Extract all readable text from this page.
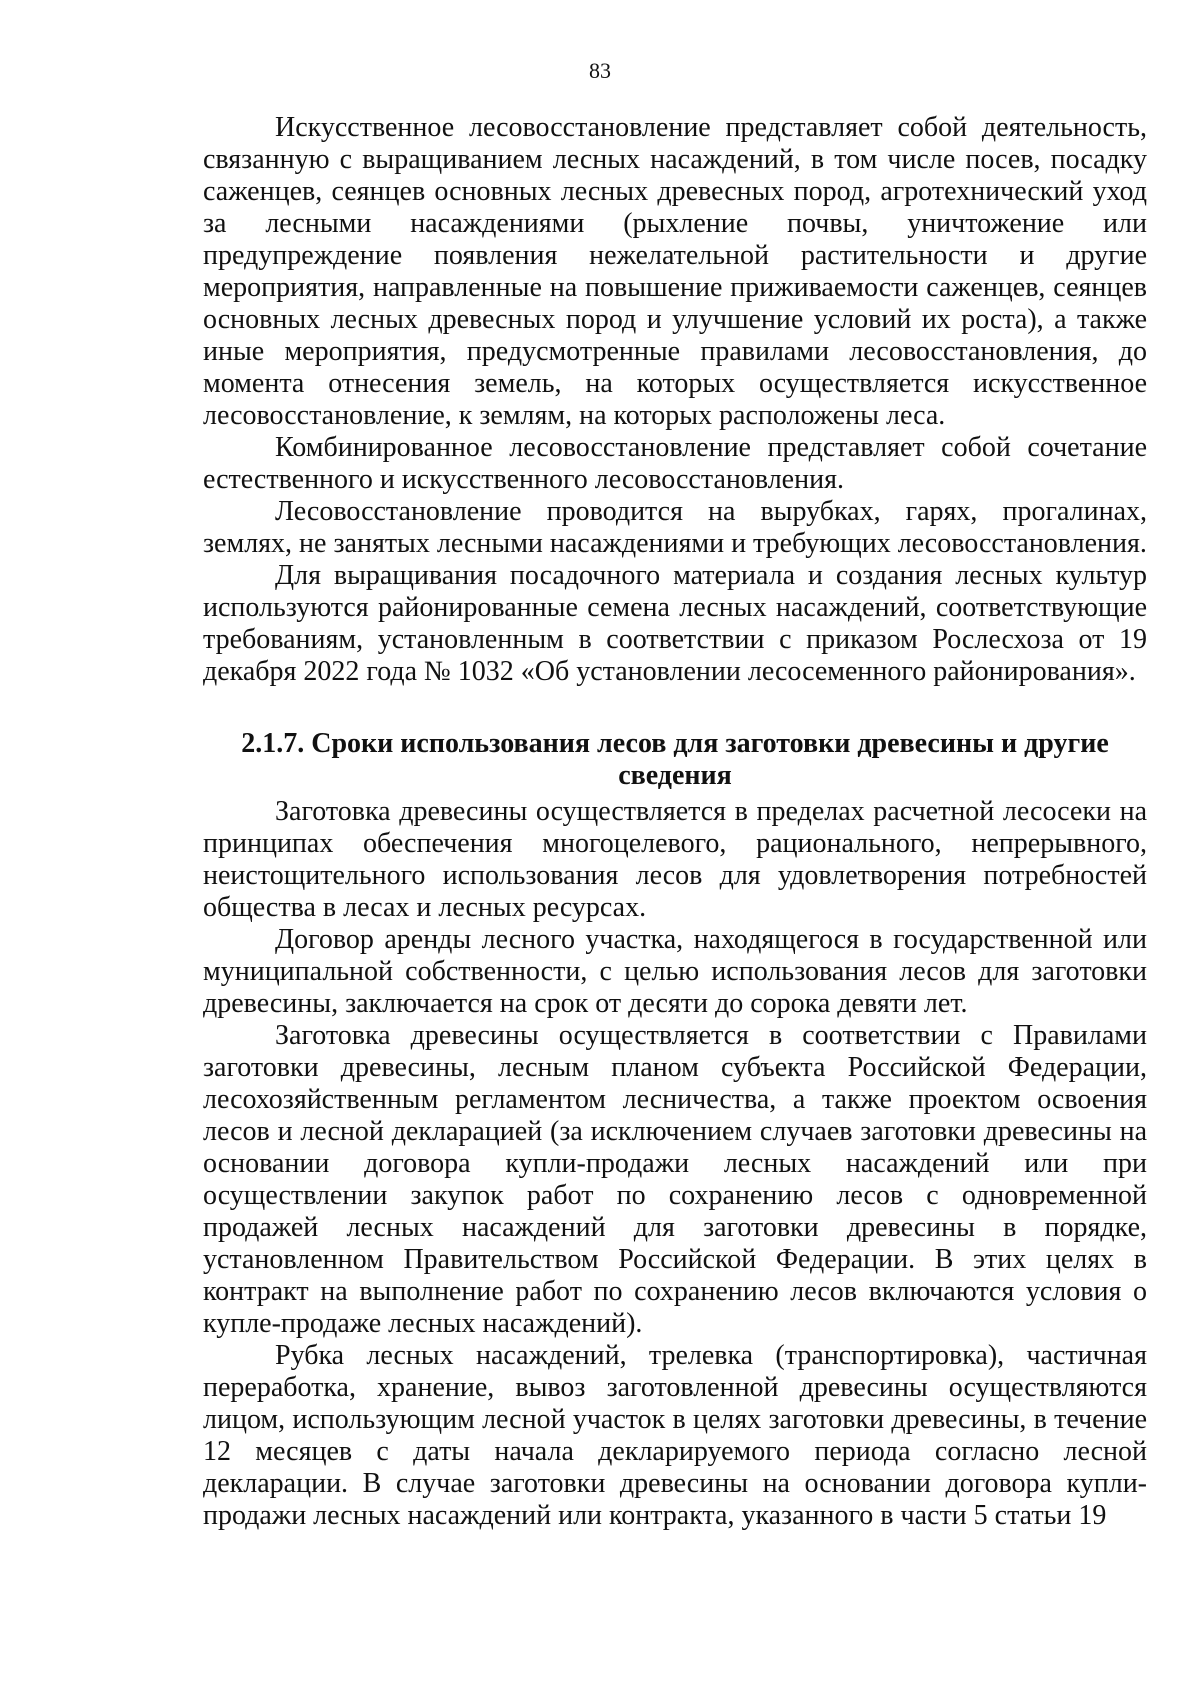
83

Искусственное лесовосстановление представляет собой деятельность, связанную с выращиванием лесных насаждений, в том числе посев, посадку саженцев, сеянцев основных лесных древесных пород, агротехнический уход за лесными насаждениями (рыхление почвы, уничтожение или предупреждение появления нежелательной растительности и другие мероприятия, направленные на повышение приживаемости саженцев, сеянцев основных лесных древесных пород и улучшение условий их роста), а также иные мероприятия, предусмотренные правилами лесовосстановления, до момента отнесения земель, на которых осуществляется искусственное лесовосстановление, к землям, на которых расположены леса.

Комбинированное лесовосстановление представляет собой сочетание естественного и искусственного лесовосстановления.

Лесовосстановление проводится на вырубках, гарях, прогалинах, землях, не занятых лесными насаждениями и требующих лесовосстановления.

Для выращивания посадочного материала и создания лесных культур используются районированные семена лесных насаждений, соответствующие требованиям, установленным в соответствии с приказом Рослесхоза от 19 декабря 2022 года № 1032 «Об установлении лесосеменного районирования».

2.1.7. Сроки использования лесов для заготовки древесины и другие сведения

Заготовка древесины осуществляется в пределах расчетной лесосеки на принципах обеспечения многоцелевого, рационального, непрерывного, неистощительного использования лесов для удовлетворения потребностей общества в лесах и лесных ресурсах.

Договор аренды лесного участка, находящегося в государственной или муниципальной собственности, с целью использования лесов для заготовки древесины, заключается на срок от десяти до сорока девяти лет.

Заготовка древесины осуществляется в соответствии с Правилами заготовки древесины, лесным планом субъекта Российской Федерации, лесохозяйственным регламентом лесничества, а также проектом освоения лесов и лесной декларацией (за исключением случаев заготовки древесины на основании договора купли-продажи лесных насаждений или при осуществлении закупок работ по сохранению лесов с одновременной продажей лесных насаждений для заготовки древесины в порядке, установленном Правительством Российской Федерации. В этих целях в контракт на выполнение работ по сохранению лесов включаются условия о купле-продаже лесных насаждений).

Рубка лесных насаждений, трелевка (транспортировка), частичная переработка, хранение, вывоз заготовленной древесины осуществляются лицом, использующим лесной участок в целях заготовки древесины, в течение 12 месяцев с даты начала декларируемого периода согласно лесной декларации. В случае заготовки древесины на основании договора купли-продажи лесных насаждений или контракта, указанного в части 5 статьи 19
